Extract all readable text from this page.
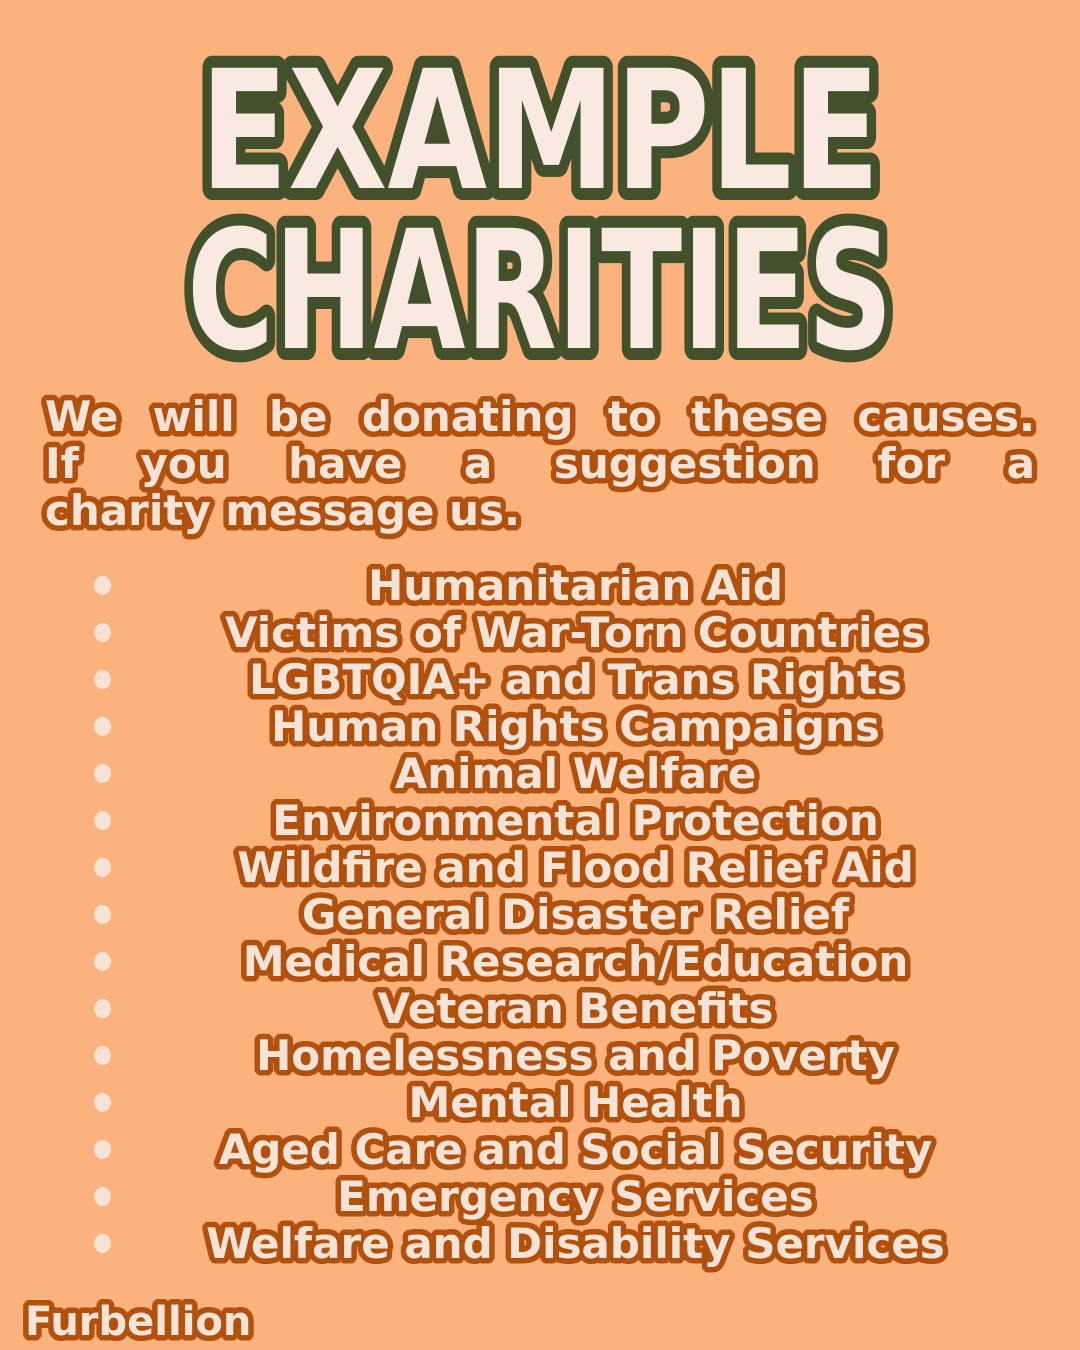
EXAMPLE
CHARITIES
We will be donating to these causes.
If you have a suggestion for a
charity message us.
Humanitarian Aid
Victims of War-Torn Countries
LGBTQIA+ and Trans Rights
Human Rights Campaigns
Animal Welfare
Environmental Protection
Wildfire and Flood Relief Aid
General Disaster Relief
Medical Research/Education
Veteran Benefits
Homelessness and Poverty
Mental Health
Aged Care and Social Security
Emergency Services
Welfare and Disability Services
Furbellion
